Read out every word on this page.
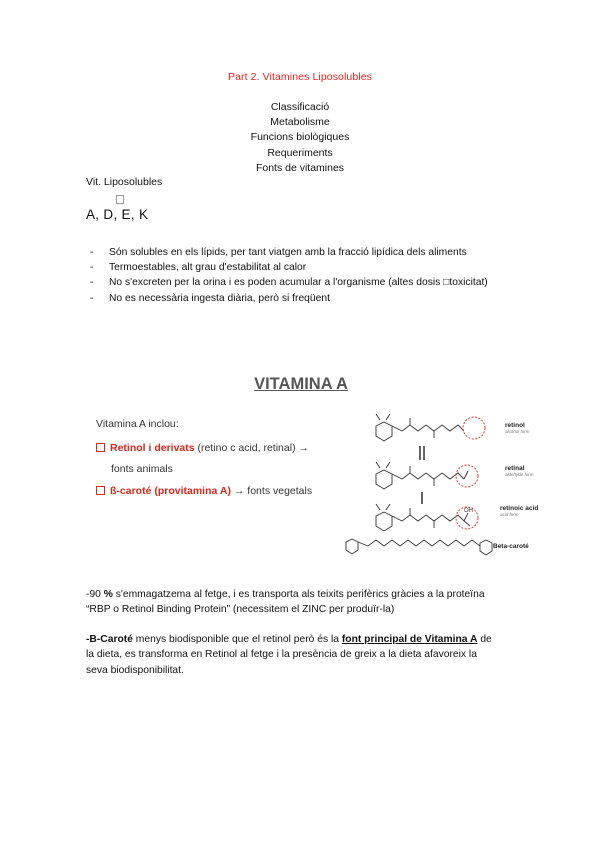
Part 2. Vitamines Liposolubles
Classificació
Metabolisme
Funcions biològiques
Requeriments
Fonts de vitamines
Vit. Liposolubles
A, D, E, K
- Són solubles en els lípids, per tant viatgen amb la fracció lipídica dels aliments
- Termoestables, alt grau d'estabilitat al calor
- No s'excreten per la orina i es poden acumular a l'organisme (altes dosis □toxicitat)
- No es necessària ingesta diària, però si freqüent
VITAMINA A
Vitamina A inclou:
Retinol i derivats (retino c acid, retinal) →
fonts animals
ß-caroté (provitamina A) → fonts vegetals
OH
retinol
alcohol form
retinal
aldehyde form
retinoic acid
acid form
Beta-caroté
-90 % s'emmagatzema al fetge, i es transporta als teixits perifèrics gràcies a la proteïna
“RBP o Retinol Binding Protein” (necessitem el ZINC per produïr-la)
-B-Caroté menys biodisponible que el retinol però és la font principal de Vitamina A de
la dieta, es transforma en Retinol al fetge i la presència de greix a la dieta afavoreix la
seva biodisponibilitat.
